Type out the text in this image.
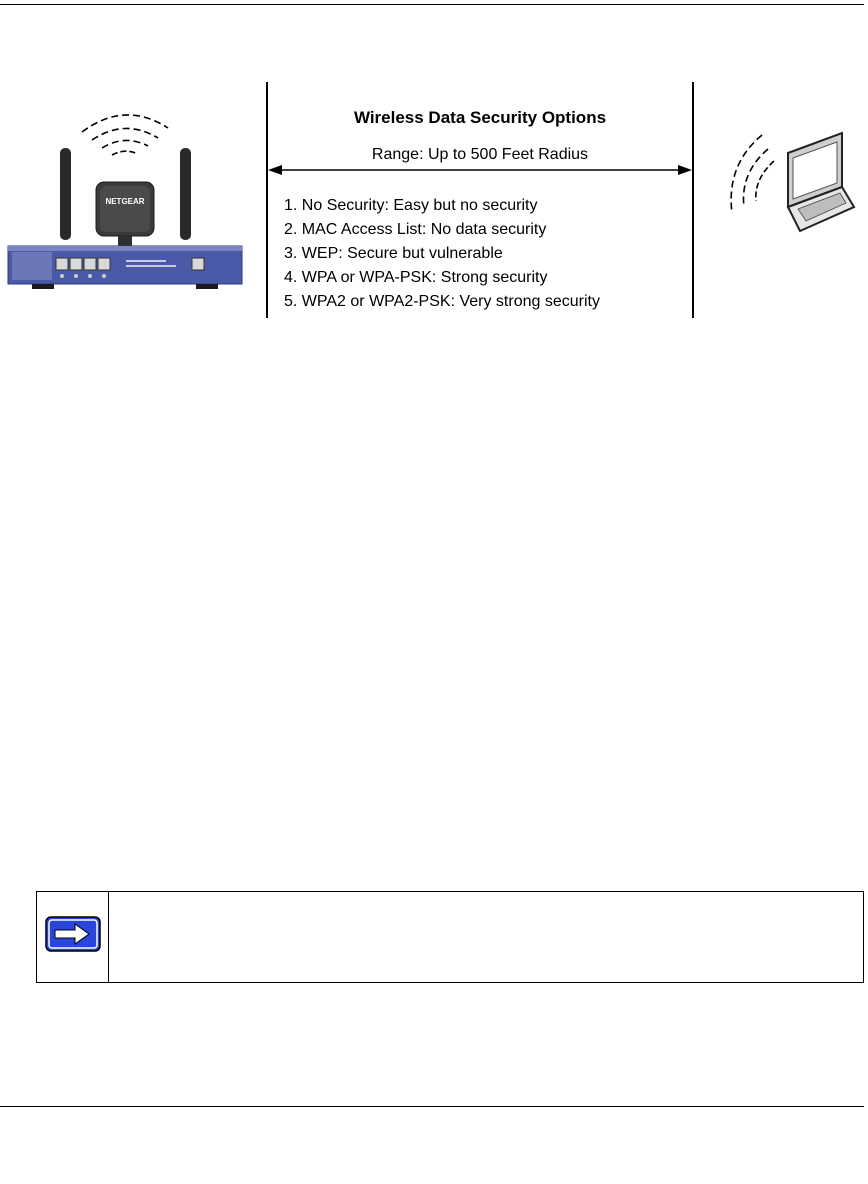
NETGEAR
Wireless Data Security Options
Range: Up to 500 Feet Radius
1. No Security: Easy but no security
2. MAC Access List: No data security
3. WEP: Secure but vulnerable
4. WPA or WPA-PSK: Strong security
5. WPA2 or WPA2-PSK: Very strong security
